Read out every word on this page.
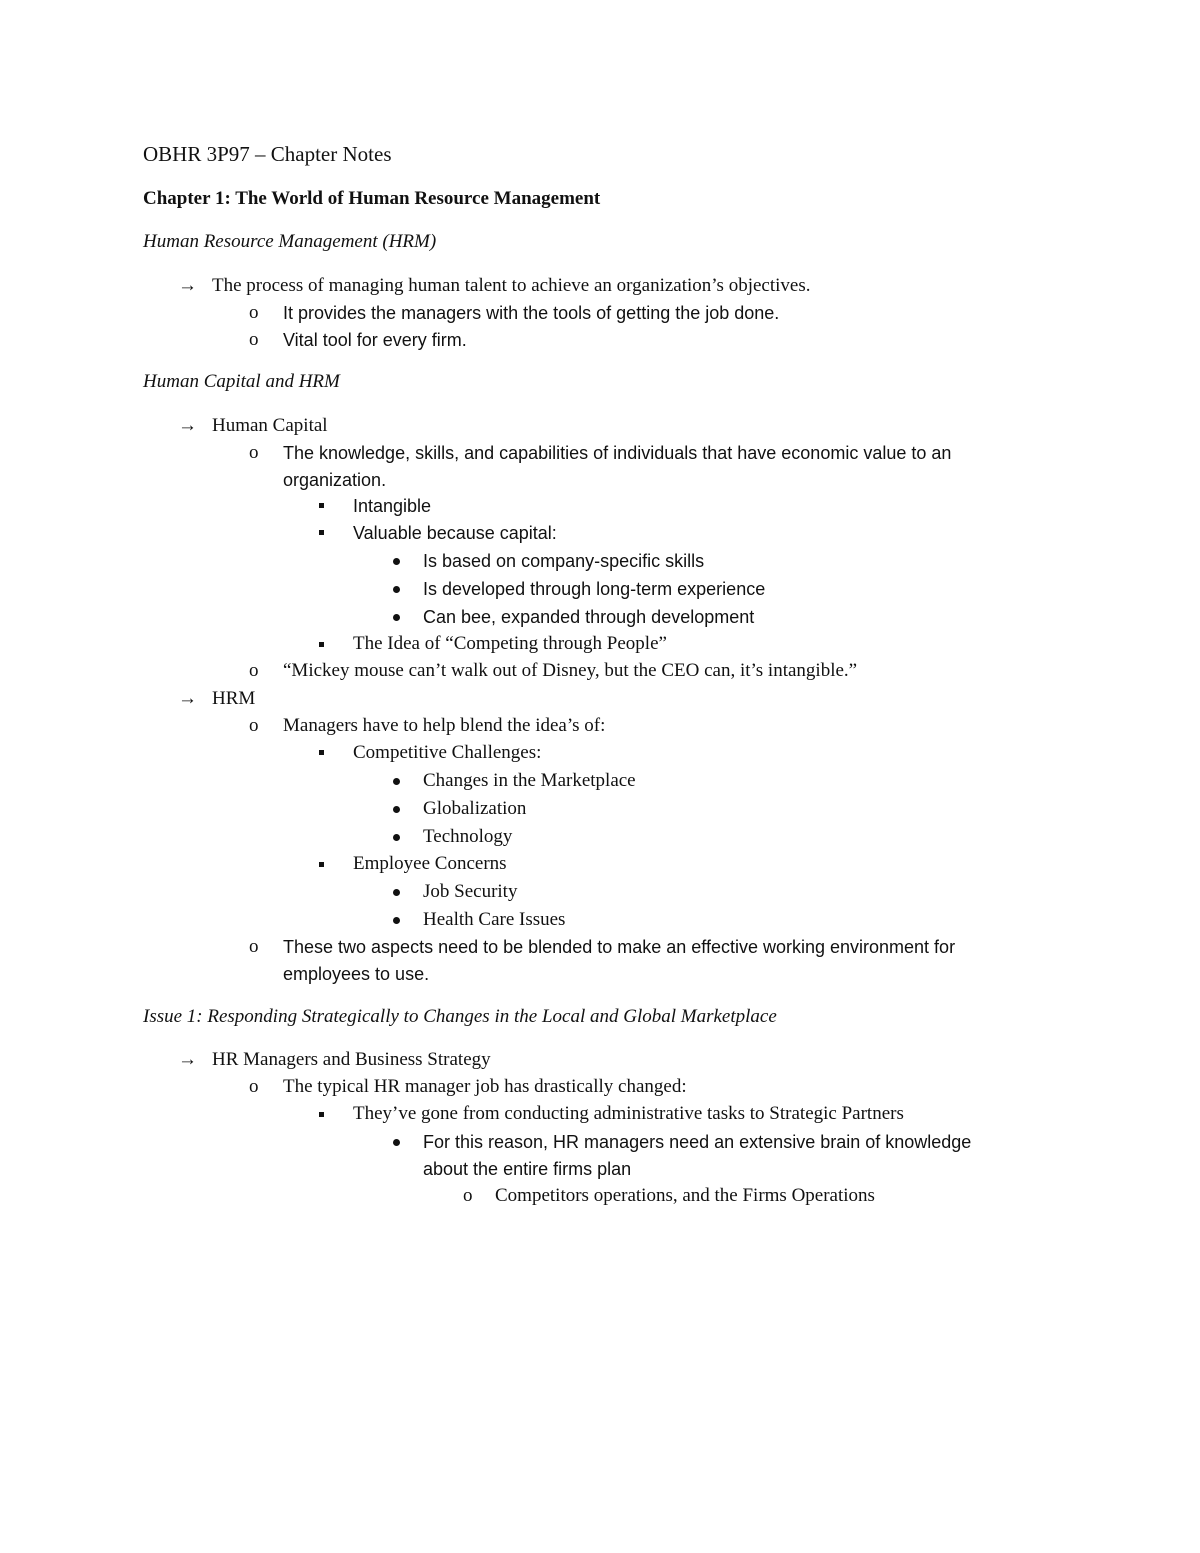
OBHR 3P97 – Chapter Notes
Chapter 1: The World of Human Resource Management
Human Resource Management (HRM)
→ The process of managing human talent to achieve an organization’s objectives.
o It provides the managers with the tools of getting the job done.
o Vital tool for every firm.
Human Capital and HRM
→ Human Capital
o The knowledge, skills, and capabilities of individuals that have economic value to an
organization.
Intangible
Valuable because capital:
Is based on company-specific skills
Is developed through long-term experience
Can bee, expanded through development
The Idea of “Competing through People”
o “Mickey mouse can’t walk out of Disney, but the CEO can, it’s intangible.”
→ HRM
o Managers have to help blend the idea’s of:
Competitive Challenges:
Changes in the Marketplace
Globalization
Technology
Employee Concerns
Job Security
Health Care Issues
o These two aspects need to be blended to make an effective working environment for
employees to use.
Issue 1: Responding Strategically to Changes in the Local and Global Marketplace
→ HR Managers and Business Strategy
o The typical HR manager job has drastically changed:
They’ve gone from conducting administrative tasks to Strategic Partners
For this reason, HR managers need an extensive brain of knowledge
about the entire firms plan
o Competitors operations, and the Firms Operations
